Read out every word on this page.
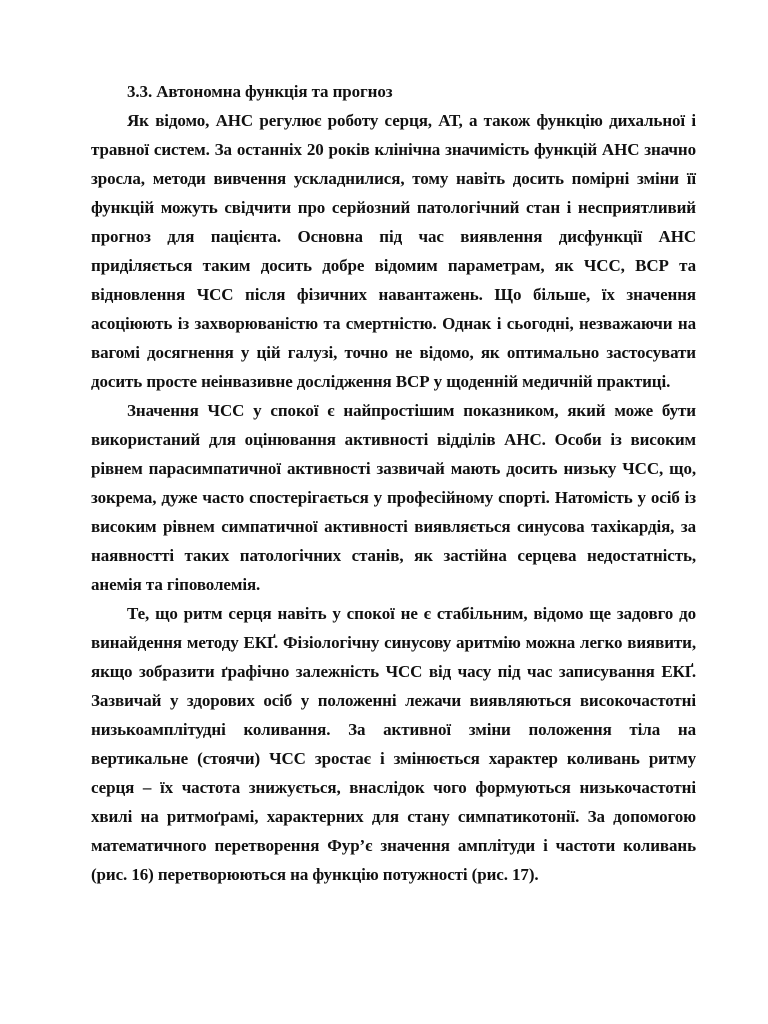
3.3. Автономна функція та прогноз

Як відомо, АНС регулює роботу серця, АТ, а також функцію дихальної і травної систем. За останніх 20 років клінічна значимість функцій АНС значно зросла, методи вивчення ускладнилися, тому навіть досить помірні зміни її функцій можуть свідчити про серйозний патологічний стан і несприятливий прогноз для пацієнта. Основна під час виявлення дисфункції АНС приділяється таким досить добре відомим параметрам, як ЧСС, ВСР та відновлення ЧСС після фізичних навантажень. Що більше, їх значення асоціюють із захворюваністю та смертністю. Однак і сьогодні, незважаючи на вагомі досягнення у цій галузі, точно не відомо, як оптимально застосувати досить просте неінвазивне дослідження ВСР у щоденній медичній практиці.

Значення ЧСС у спокої є найпростішим показником, який може бути використаний для оцінювання активності відділів АНС. Особи із високим рівнем парасимпатичної активності зазвичай мають досить низьку ЧСС, що, зокрема, дуже часто спостерігається у професійному спорті. Натомість у осіб із високим рівнем симпатичної активності виявляється синусова тахікардія, за наявностті таких патологічних станів, як застійна серцева недостатність, анемія та гіповолемія.

Те, що ритм серця навіть у спокої не є стабільним, відомо ще задовго до винайдення методу ЕКҐ. Фізіологічну синусову аритмію можна легко виявити, якщо зобразити ґрафічно залежність ЧСС від часу під час записування ЕКҐ. Зазвичай у здорових осіб у положенні лежачи виявляються високочастотні низькоамплітудні коливання. За активної зміни положення тіла на вертикальне (стоячи) ЧСС зростає і змінюється характер коливань ритму серця – їх частота знижується, внаслідок чого формуються низькочастотні хвилі на ритмоґрамі, характерних для стану симпатикотонії. За допомогою математичного перетворення Фур’є значення амплітуди і частоти коливань (рис. 16) перетворюються на функцію потужності (рис. 17).
